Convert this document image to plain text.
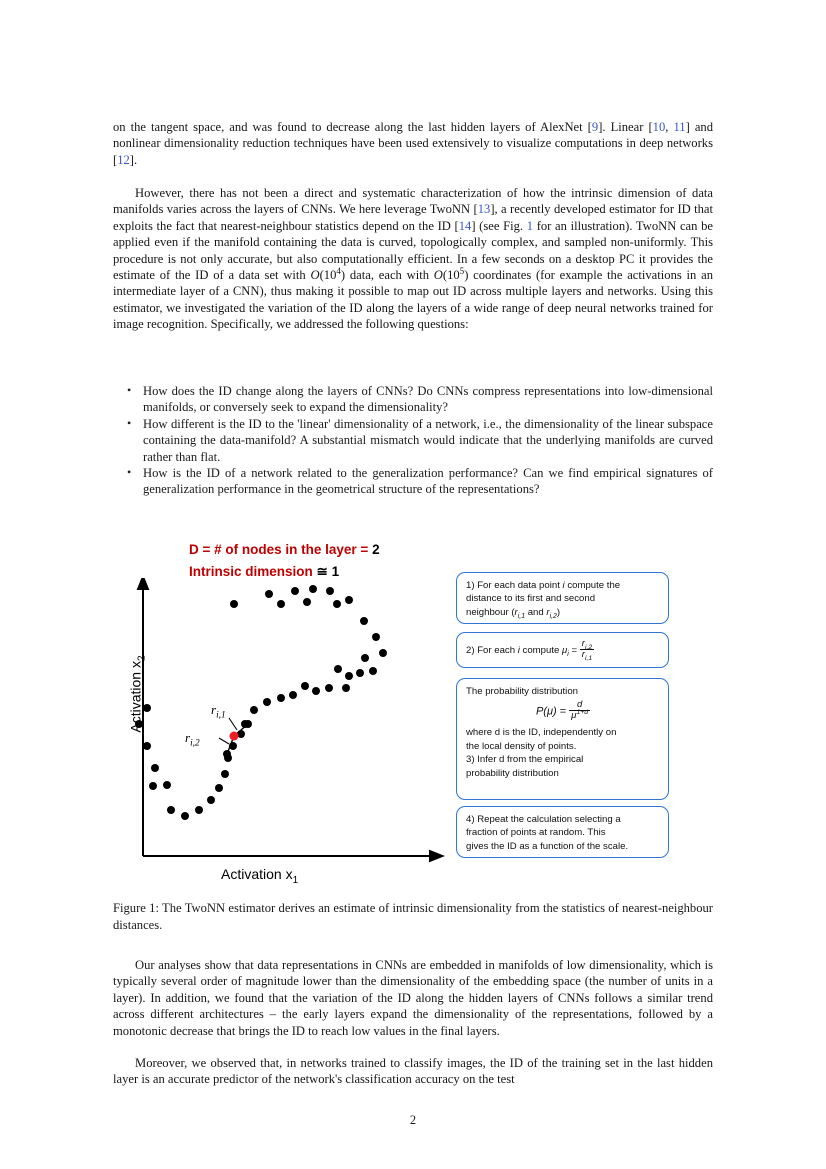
on the tangent space, and was found to decrease along the last hidden layers of AlexNet [9]. Linear [10, 11] and nonlinear dimensionality reduction techniques have been used extensively to visualize computations in deep networks [12].

However, there has not been a direct and systematic characterization of how the intrinsic dimension of data manifolds varies across the layers of CNNs. We here leverage TwoNN [13], a recently developed estimator for ID that exploits the fact that nearest-neighbour statistics depend on the ID [14] (see Fig. 1 for an illustration). TwoNN can be applied even if the manifold containing the data is curved, topologically complex, and sampled non-uniformly. This procedure is not only accurate, but also computationally efficient. In a few seconds on a desktop PC it provides the estimate of the ID of a data set with $O(10^4)$ data, each with $O(10^5)$ coordinates (for example the activations in an intermediate layer of a CNN), thus making it possible to map out ID across multiple layers and networks. Using this estimator, we investigated the variation of the ID along the layers of a wide range of deep neural networks trained for image recognition. Specifically, we addressed the following questions:

• How does the ID change along the layers of CNNs? Do CNNs compress representations into low-dimensional manifolds, or conversely seek to expand the dimensionality?
• How different is the ID to the 'linear' dimensionality of a network, i.e., the dimensionality of the linear subspace containing the data-manifold? A substantial mismatch would indicate that the underlying manifolds are curved rather than flat.
• How is the ID of a network related to the generalization performance? Can we find empirical signatures of generalization performance in the geometrical structure of the representations?
D = # of nodes in the layer = 2
Intrinsic dimension ≅ 1
$r_{i,1}$
$r_{i,2}$
Activation $x_2$
Activation $x_1$
1) For each data point i compute the
distance to its first and second
neighbour ($r_{i,1}$ and $r_{i,2}$)
2) For each i compute $\mu_i = \frac{r_{i,2}}{r_{i,1}}$
The probability distribution
$P(\mu) = \frac{d}{\mu^{1+d}}$
where d is the ID, independently on
the local density of points.
3) Infer d from the empirical
probability distribution
4) Repeat the calculation selecting a
fraction of points at random. This
gives the ID as a function of the scale.
Figure 1: The TwoNN estimator derives an estimate of intrinsic dimensionality from the statistics of nearest-neighbour distances.

Our analyses show that data representations in CNNs are embedded in manifolds of low dimensionality, which is typically several order of magnitude lower than the dimensionality of the embedding space (the number of units in a layer). In addition, we found that the variation of the ID along the hidden layers of CNNs follows a similar trend across different architectures – the early layers expand the dimensionality of the representations, followed by a monotonic decrease that brings the ID to reach low values in the final layers.

Moreover, we observed that, in networks trained to classify images, the ID of the training set in the last hidden layer is an accurate predictor of the network's classification accuracy on the test

2
